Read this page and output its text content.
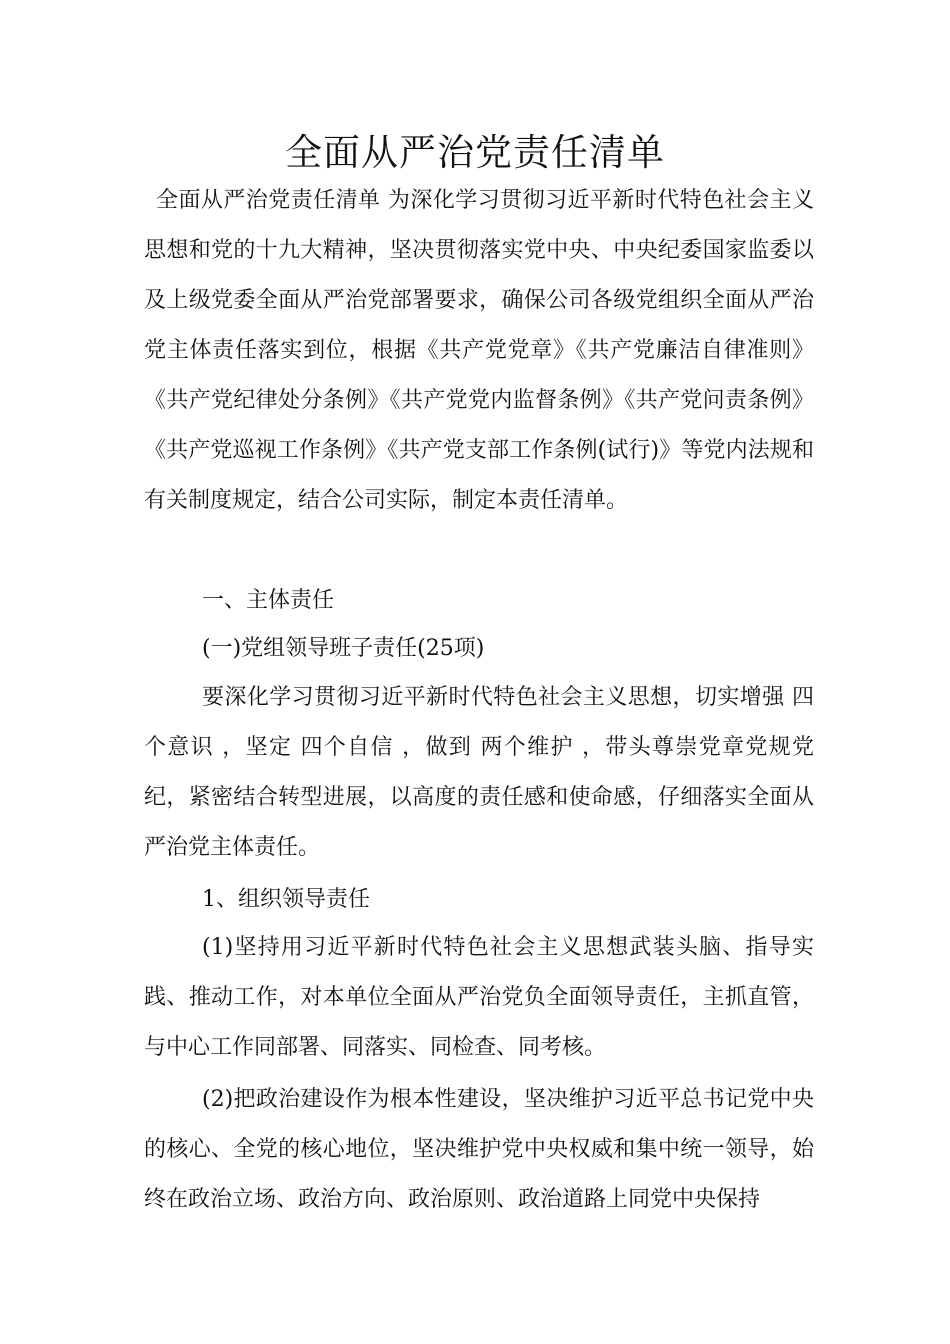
全面从严治党责任清单

全面从严治党责任清单 为深化学习贯彻习近平新时代特色社会主义思想和党的十九大精神，坚决贯彻落实党中央、中央纪委国家监委以及上级党委全面从严治党部署要求，确保公司各级党组织全面从严治党主体责任落实到位，根据《共产党党章》《共产党廉洁自律准则》《共产党纪律处分条例》《共产党党内监督条例》《共产党问责条例》《共产党巡视工作条例》《共产党支部工作条例(试行)》等党内法规和有关制度规定，结合公司实际，制定本责任清单。

一、主体责任

(一)党组领导班子责任(25项)

要深化学习贯彻习近平新时代特色社会主义思想，切实增强 四个意识 ，坚定 四个自信 ，做到 两个维护 ，带头尊崇党章党规党纪，紧密结合转型进展，以高度的责任感和使命感，仔细落实全面从严治党主体责任。

1、组织领导责任

(1)坚持用习近平新时代特色社会主义思想武装头脑、指导实践、推动工作，对本单位全面从严治党负全面领导责任，主抓直管，与中心工作同部署、同落实、同检查、同考核。

(2)把政治建设作为根本性建设，坚决维护习近平总书记党中央的核心、全党的核心地位，坚决维护党中央权威和集中统一领导，始终在政治立场、政治方向、政治原则、政治道路上同党中央保持
